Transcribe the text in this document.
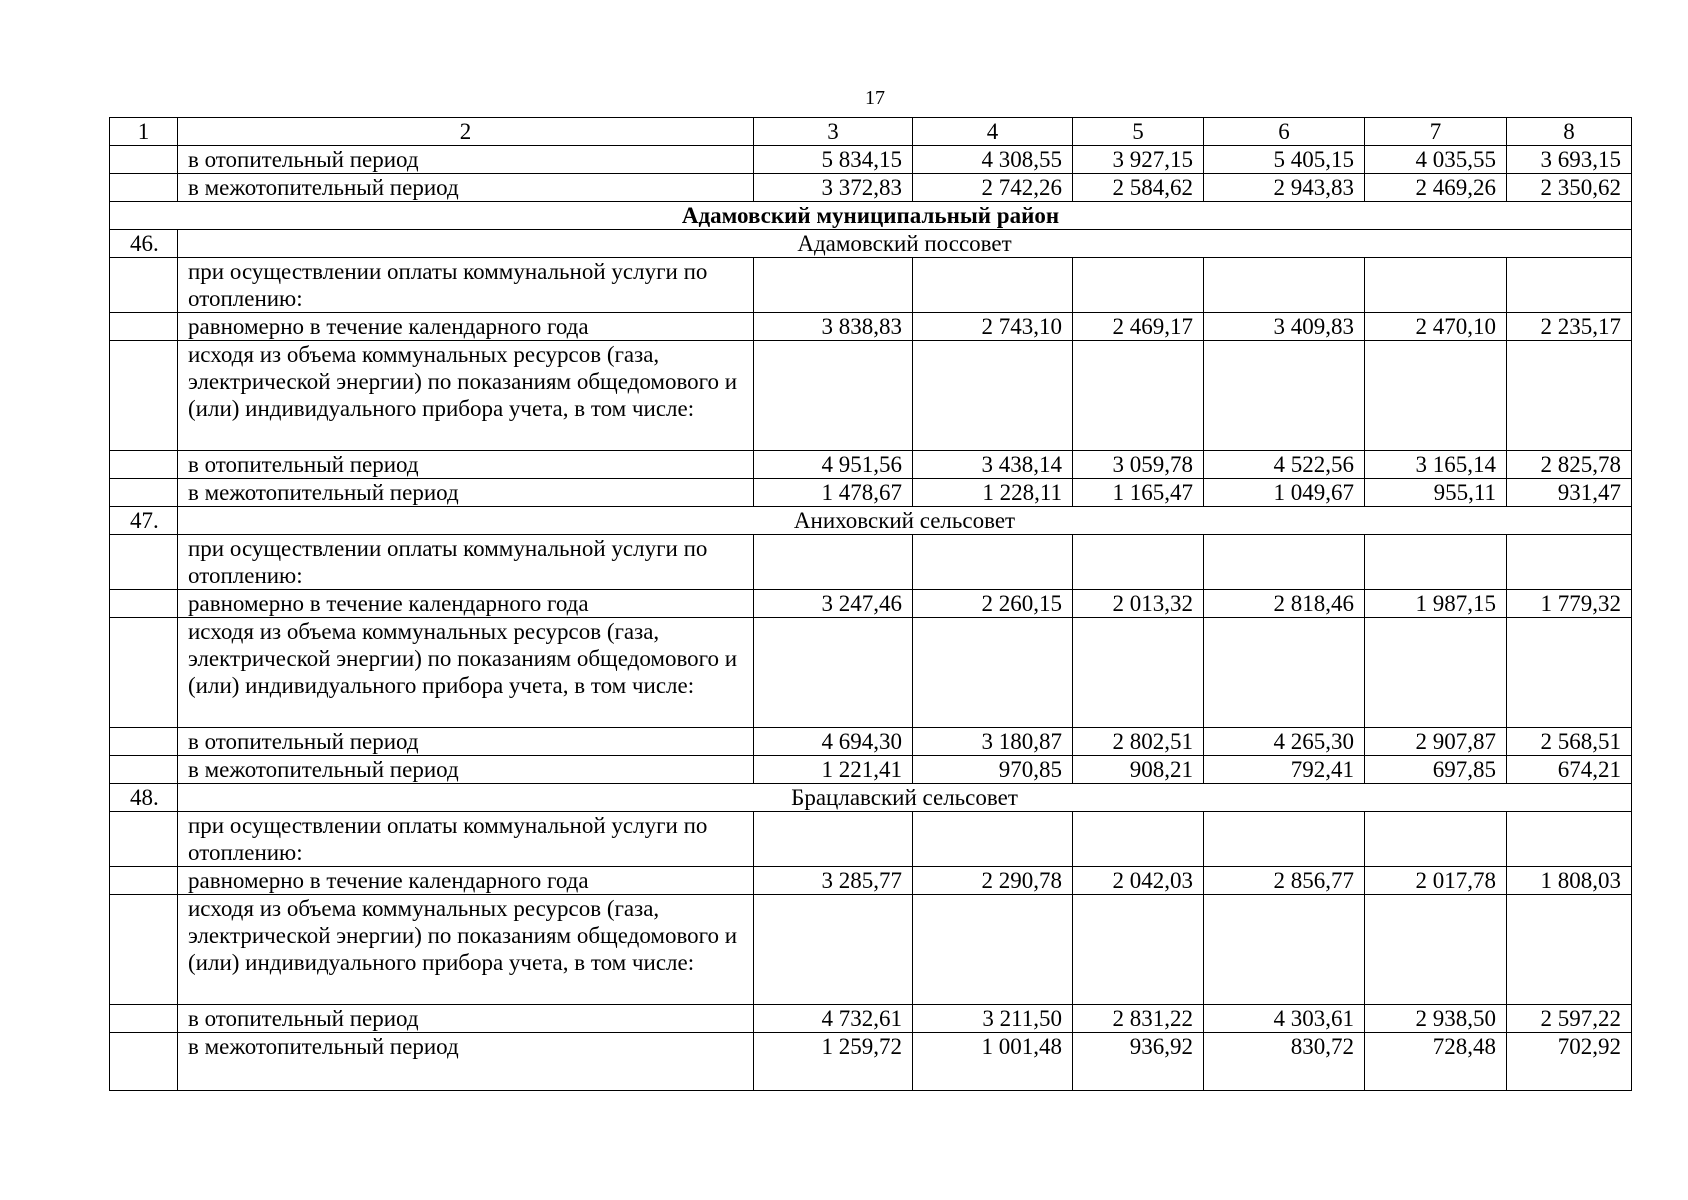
17
1	2	3	4	5	6	7	8
	в отопительный период	5 834,15	4 308,55	3 927,15	5 405,15	4 035,55	3 693,15
	в межотопительный период	3 372,83	2 742,26	2 584,62	2 943,83	2 469,26	2 350,62
Адамовский муниципальный район							
46.	Адамовский поссовет						
	при осуществлении оплаты коммунальной услуги по отоплению:						
	равномерно в течение календарного года	3 838,83	2 743,10	2 469,17	3 409,83	2 470,10	2 235,17
	исходя из объема коммунальных ресурсов (газа, электрической энергии) по показаниям общедомового и (или) индивидуального прибора учета, в том числе:						
	в отопительный период	4 951,56	3 438,14	3 059,78	4 522,56	3 165,14	2 825,78
	в межотопительный период	1 478,67	1 228,11	1 165,47	1 049,67	955,11	931,47
47.	Аниховский сельсовет						
	при осуществлении оплаты коммунальной услуги по отоплению:						
	равномерно в течение календарного года	3 247,46	2 260,15	2 013,32	2 818,46	1 987,15	1 779,32
	исходя из объема коммунальных ресурсов (газа, электрической энергии) по показаниям общедомового и (или) индивидуального прибора учета, в том числе:						
	в отопительный период	4 694,30	3 180,87	2 802,51	4 265,30	2 907,87	2 568,51
	в межотопительный период	1 221,41	970,85	908,21	792,41	697,85	674,21
48.	Брацлавский сельсовет						
	при осуществлении оплаты коммунальной услуги по отоплению:						
	равномерно в течение календарного года	3 285,77	2 290,78	2 042,03	2 856,77	2 017,78	1 808,03
	исходя из объема коммунальных ресурсов (газа, электрической энергии) по показаниям общедомового и (или) индивидуального прибора учета, в том числе:						
	в отопительный период	4 732,61	3 211,50	2 831,22	4 303,61	2 938,50	2 597,22
	в межотопительный период	1 259,72	1 001,48	936,92	830,72	728,48	702,92
